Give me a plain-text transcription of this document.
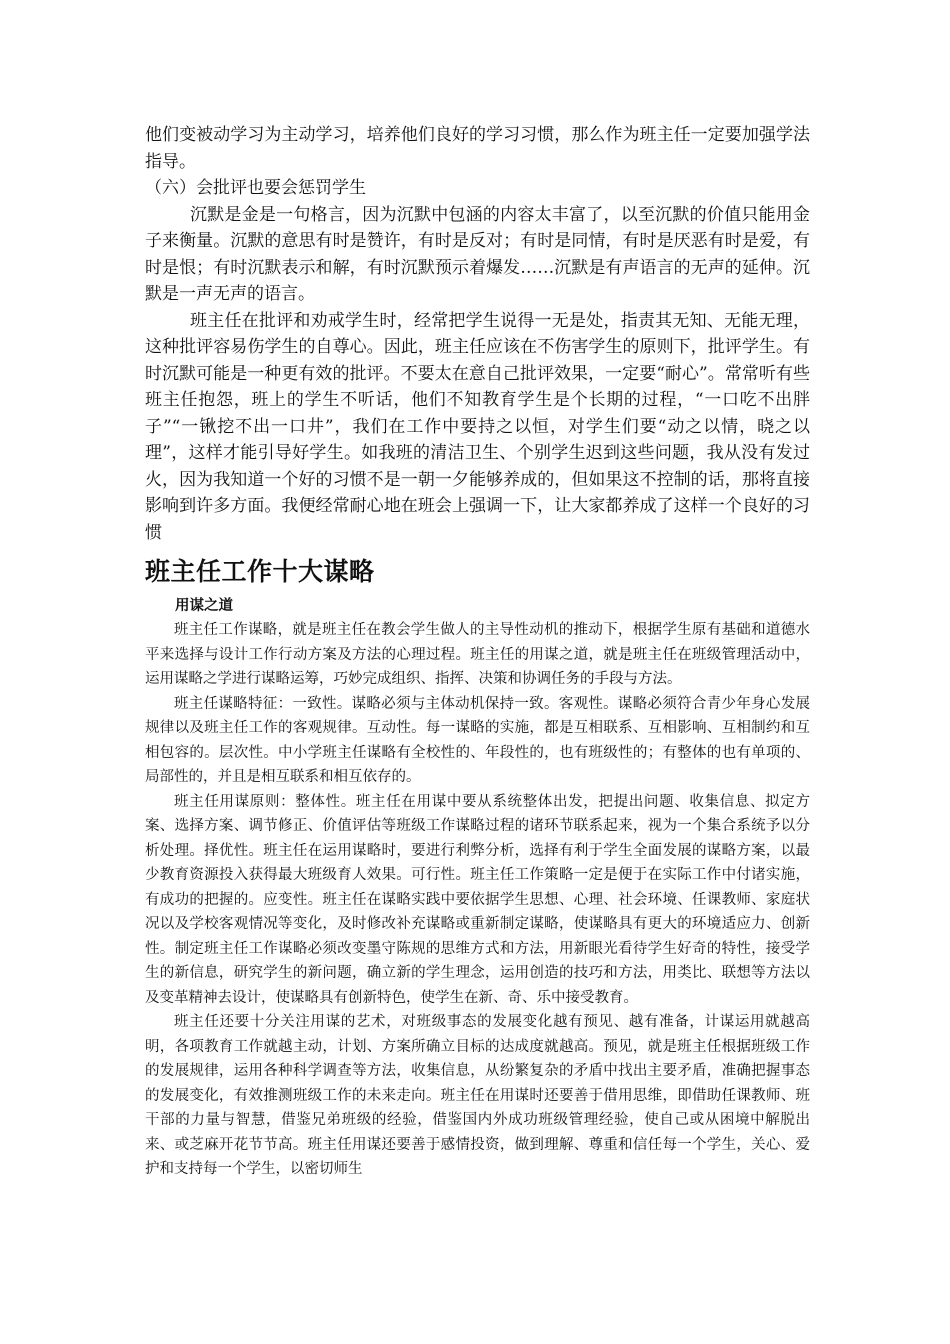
他们变被动学习为主动学习，培养他们良好的学习习惯，那么作为班主任一定要加强学法指导。

（六）会批评也要会惩罚学生

沉默是金是一句格言，因为沉默中包涵的内容太丰富了，以至沉默的价值只能用金子来衡量。沉默的意思有时是赞许，有时是反对；有时是同情，有时是厌恶有时是爱，有时是恨；有时沉默表示和解，有时沉默预示着爆发……沉默是有声语言的无声的延伸。沉默是一声无声的语言。

班主任在批评和劝戒学生时，经常把学生说得一无是处，指责其无知、无能无理，这种批评容易伤学生的自尊心。因此，班主任应该在不伤害学生的原则下，批评学生。有时沉默可能是一种更有效的批评。不要太在意自己批评效果，一定要“耐心”。常常听有些班主任抱怨，班上的学生不听话，他们不知教育学生是个长期的过程，“一口吃不出胖子”“一锹挖不出一口井”，我们在工作中要持之以恒，对学生们要“动之以情，晓之以理”，这样才能引导好学生。如我班的清洁卫生、个别学生迟到这些问题，我从没有发过火，因为我知道一个好的习惯不是一朝一夕能够养成的，但如果这不控制的话，那将直接影响到许多方面。我便经常耐心地在班会上强调一下，让大家都养成了这样一个良好的习惯

班主任工作十大谋略
用谋之道

班主任工作谋略，就是班主任在教会学生做人的主导性动机的推动下，根据学生原有基础和道德水平来选择与设计工作行动方案及方法的心理过程。班主任的用谋之道，就是班主任在班级管理活动中，运用谋略之学进行谋略运筹，巧妙完成组织、指挥、决策和协调任务的手段与方法。

班主任谋略特征：一致性。谋略必须与主体动机保持一致。客观性。谋略必须符合青少年身心发展规律以及班主任工作的客观规律。互动性。每一谋略的实施，都是互相联系、互相影响、互相制约和互相包容的。层次性。中小学班主任谋略有全校性的、年段性的，也有班级性的；有整体的也有单项的、局部性的，并且是相互联系和相互依存的。

班主任用谋原则：整体性。班主任在用谋中要从系统整体出发，把提出问题、收集信息、拟定方案、选择方案、调节修正、价值评估等班级工作谋略过程的诸环节联系起来，视为一个集合系统予以分析处理。择优性。班主任在运用谋略时，要进行利弊分析，选择有利于学生全面发展的谋略方案，以最少教育资源投入获得最大班级育人效果。可行性。班主任工作策略一定是便于在实际工作中付诸实施，有成功的把握的。应变性。班主任在谋略实践中要依据学生思想、心理、社会环境、任课教师、家庭状况以及学校客观情况等变化，及时修改补充谋略或重新制定谋略，使谋略具有更大的环境适应力、创新性。制定班主任工作谋略必须改变墨守陈规的思维方式和方法，用新眼光看待学生好奇的特性，接受学生的新信息，研究学生的新问题，确立新的学生理念，运用创造的技巧和方法，用类比、联想等方法以及变革精神去设计，使谋略具有创新特色，使学生在新、奇、乐中接受教育。

班主任还要十分关注用谋的艺术，对班级事态的发展变化越有预见、越有准备，计谋运用就越高明，各项教育工作就越主动，计划、方案所确立目标的达成度就越高。预见，就是班主任根据班级工作的发展规律，运用各种科学调查等方法，收集信息，从纷繁复杂的矛盾中找出主要矛盾，准确把握事态的发展变化，有效推测班级工作的未来走向。班主任在用谋时还要善于借用思维，即借助任课教师、班干部的力量与智慧，借鉴兄弟班级的经验，借鉴国内外成功班级管理经验，使自己或从困境中解脱出来、或芝麻开花节节高。班主任用谋还要善于感情投资，做到理解、尊重和信任每一个学生，关心、爱护和支持每一个学生，以密切师生
